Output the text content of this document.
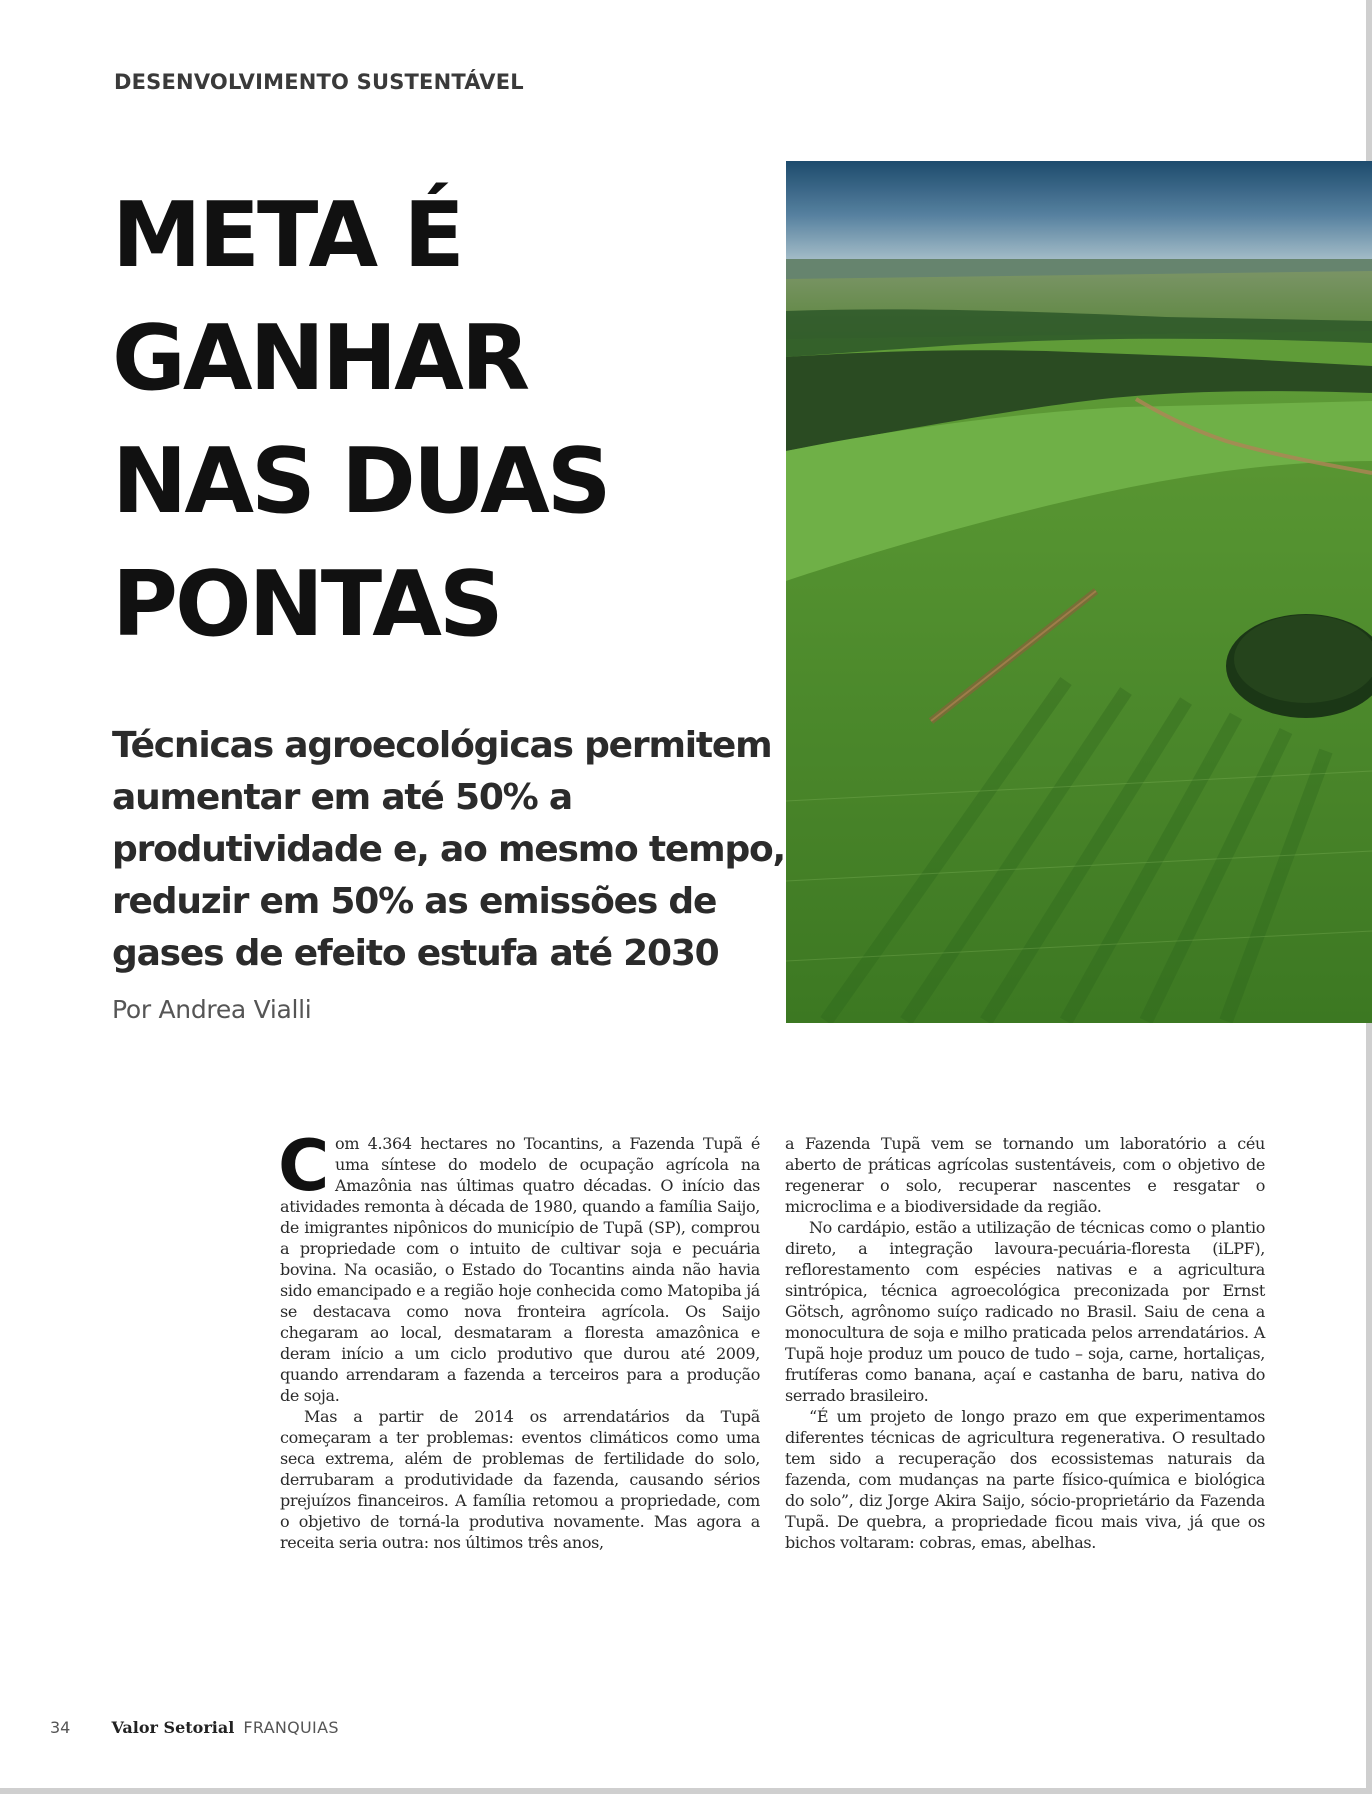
DESENVOLVIMENTO SUSTENTÁVEL
META É
GANHAR
NAS DUAS
PONTAS
Técnicas agroecológicas permitem
aumentar em até 50% a
produtividade e, ao mesmo tempo,
reduzir em 50% as emissões de
gases de efeito estufa até 2030
Por Andrea Vialli

Com 4.364 hectares no Tocantins, a Fazenda Tupã é uma síntese do modelo de ocupação agrícola na Amazônia nas últimas quatro décadas. O início das atividades remonta à década de 1980, quando a família Saijo, de imigrantes nipônicos do município de Tupã (SP), comprou a propriedade com o intuito de cultivar soja e pecuária bovina. Na ocasião, o Estado do Tocantins ainda não havia sido emancipado e a região hoje conhecida como Matopiba já se destacava como nova fronteira agrícola. Os Saijo chegaram ao local, desmataram a floresta amazônica e deram início a um ciclo produtivo que durou até 2009, quando arrendaram a fazenda a terceiros para a produção de soja.

Mas a partir de 2014 os arrendatários da Tupã começaram a ter problemas: eventos climáticos como uma seca extrema, além de problemas de fertilidade do solo, derrubaram a produtividade da fazenda, causando sérios prejuízos financeiros. A família retomou a propriedade, com o objetivo de torná-la produtiva novamente. Mas agora a receita seria outra: nos últimos três anos,

a Fazenda Tupã vem se tornando um laboratório a céu aberto de práticas agrícolas sustentáveis, com o objetivo de regenerar o solo, recuperar nascentes e resgatar o microclima e a biodiversidade da região.

No cardápio, estão a utilização de técnicas como o plantio direto, a integração lavoura-pecuária-floresta (iLPF), reflorestamento com espécies nativas e a agricultura sintrópica, técnica agroecológica preconizada por Ernst Götsch, agrônomo suíço radicado no Brasil. Saiu de cena a monocultura de soja e milho praticada pelos arrendatários. A Tupã hoje produz um pouco de tudo – soja, carne, hortaliças, frutíferas como banana, açaí e castanha de baru, nativa do serrado brasileiro.

“É um projeto de longo prazo em que experimentamos diferentes técnicas de agricultura regenerativa. O resultado tem sido a recuperação dos ecossistemas naturais da fazenda, com mudanças na parte físico-química e biológica do solo”, diz Jorge Akira Saijo, sócio-proprietário da Fazenda Tupã. De quebra, a propriedade ficou mais viva, já que os bichos voltaram: cobras, emas, abelhas.

34	Valor Setorial FRANQUIAS
